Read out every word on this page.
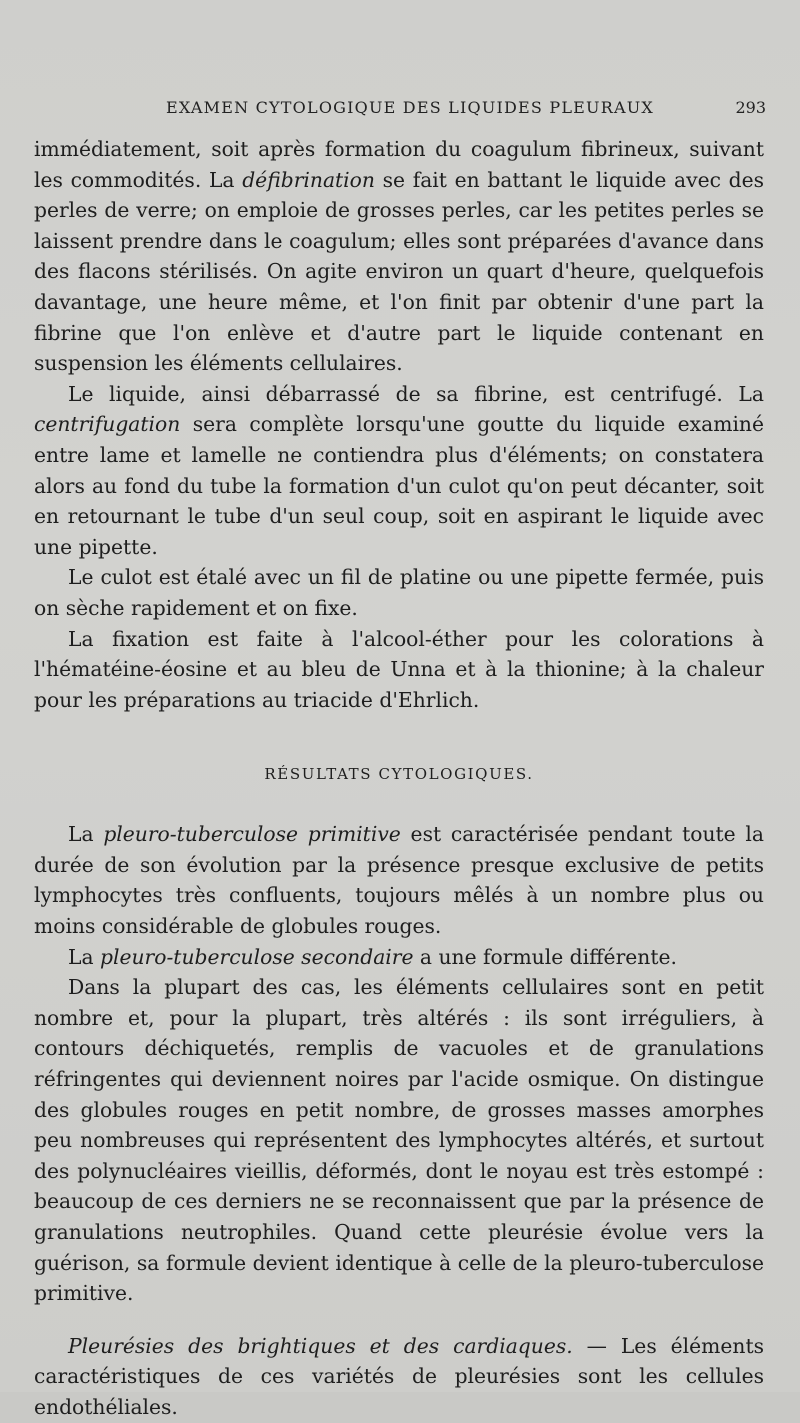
EXAMEN CYTOLOGIQUE DES LIQUIDES PLEURAUX	293

immédiatement, soit après formation du coagulum fibrineux, suivant les commodités. La défibrination se fait en battant le liquide avec des perles de verre; on emploie de grosses perles, car les petites perles se laissent prendre dans le coagulum; elles sont préparées d'avance dans des flacons stérilisés. On agite environ un quart d'heure, quelquefois davantage, une heure même, et l'on finit par obtenir d'une part la fibrine que l'on enlève et d'autre part le liquide contenant en suspension les éléments cellulaires.

Le liquide, ainsi débarrassé de sa fibrine, est centrifugé. La centrifugation sera complète lorsqu'une goutte du liquide examiné entre lame et lamelle ne contiendra plus d'éléments; on constatera alors au fond du tube la formation d'un culot qu'on peut décanter, soit en retournant le tube d'un seul coup, soit en aspirant le liquide avec une pipette.

Le culot est étalé avec un fil de platine ou une pipette fermée, puis on sèche rapidement et on fixe.

La fixation est faite à l'alcool-éther pour les colorations à l'hématéine-éosine et au bleu de Unna et à la thionine; à la chaleur pour les préparations au triacide d'Ehrlich.

RÉSULTATS CYTOLOGIQUES.

La pleuro-tuberculose primitive est caractérisée pendant toute la durée de son évolution par la présence presque exclusive de petits lymphocytes très confluents, toujours mêlés à un nombre plus ou moins considérable de globules rouges.

La pleuro-tuberculose secondaire a une formule différente.

Dans la plupart des cas, les éléments cellulaires sont en petit nombre et, pour la plupart, très altérés : ils sont irréguliers, à contours déchiquetés, remplis de vacuoles et de granulations réfringentes qui deviennent noires par l'acide osmique. On distingue des globules rouges en petit nombre, de grosses masses amorphes peu nombreuses qui représentent des lymphocytes altérés, et surtout des polynucléaires vieillis, déformés, dont le noyau est très estompé : beaucoup de ces derniers ne se reconnaissent que par la présence de granulations neutrophiles. Quand cette pleurésie évolue vers la guérison, sa formule devient identique à celle de la pleuro-tuberculose primitive.

Pleurésies des brightiques et des cardiaques. — Les éléments caractéristiques de ces variétés de pleurésies sont les cellules endothéliales.
